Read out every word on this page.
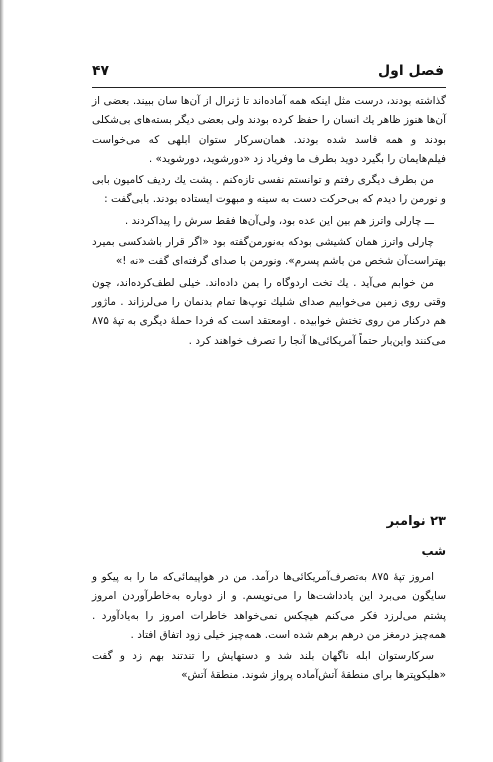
فصل اول
۴۷

گذاشته بودند، درست مثل اینکه همه آماده‌اند تا ژنرال از آن‌ها سان ببیند. بعضی از آن‌ها هنوز ظاهر یك انسان را حفظ کرده بودند ولی بعضی دیگر بسته‌های بی‌شکلی بودند و همه فاسد شده بودند. همان‌سرکار ستوان ابلهی که می‌خواست فیلم‌هایمان را بگیرد دوید بطرف ما وفریاد زد «دورشوید، دورشوید» .

من بطرف دیگری رفتم و توانستم نفسی تازه‌کنم . پشت یك ردیف کامیون بابی و نورمن را دیدم که بی‌حرکت دست به سینه و مبهوت ایستاده بودند. بابی‌گفت :

ـــ چارلی واترز هم بین این عده بود، ولی‌آن‌ها فقط سرش را پیداکردند .

چارلی واترز همان کشیشی بودکه به‌نورمن‌گفته بود «اگر قرار باشدکسی بمیرد بهتراست‌آن شخص من باشم پسرم». ونورمن با صدای گرفته‌ای گفت «نه !»

من خوابم می‌آید . یك تخت اردوگاه را بمن داده‌اند. خیلی لطف‌کرده‌اند، چون وقتی روی زمین می‌خوابیم صدای شلیك توپ‌ها تمام بدنمان را می‌لرزاند . ماژور هم درکنار من روی تختش خوابیده . اومعتقد است که فردا حملهٔ دیگری به تپهٔ ۸۷۵ می‌کنند واین‌بار حتماً آمریکائی‌ها آنجا را تصرف خواهند کرد .

۲۳ نوامبر
شب

امروز تپهٔ ۸۷۵ به‌تصرف‌آمریکائی‌ها درآمد. من در هواپیمائی‌که ما را به پیکو و سایگون می‌برد این یادداشت‌ها را می‌نویسم. و از دوباره به‌خاطرآوردن امروز پشتم می‌لرزد فکر می‌کنم هیچکس نمی‌خواهد خاطرات امروز را به‌یادآورد . همه‌چیز درمغز من درهم برهم شده است. همه‌چیز خیلی زود اتفاق افتاد .

سرکارستوان ابله ناگهان بلند شد و دستهایش را تندتند بهم زد و گفت «هلیکوپترها برای منطقهٔ آتش‌آماده پرواز شوند. منطقهٔ آتش»
